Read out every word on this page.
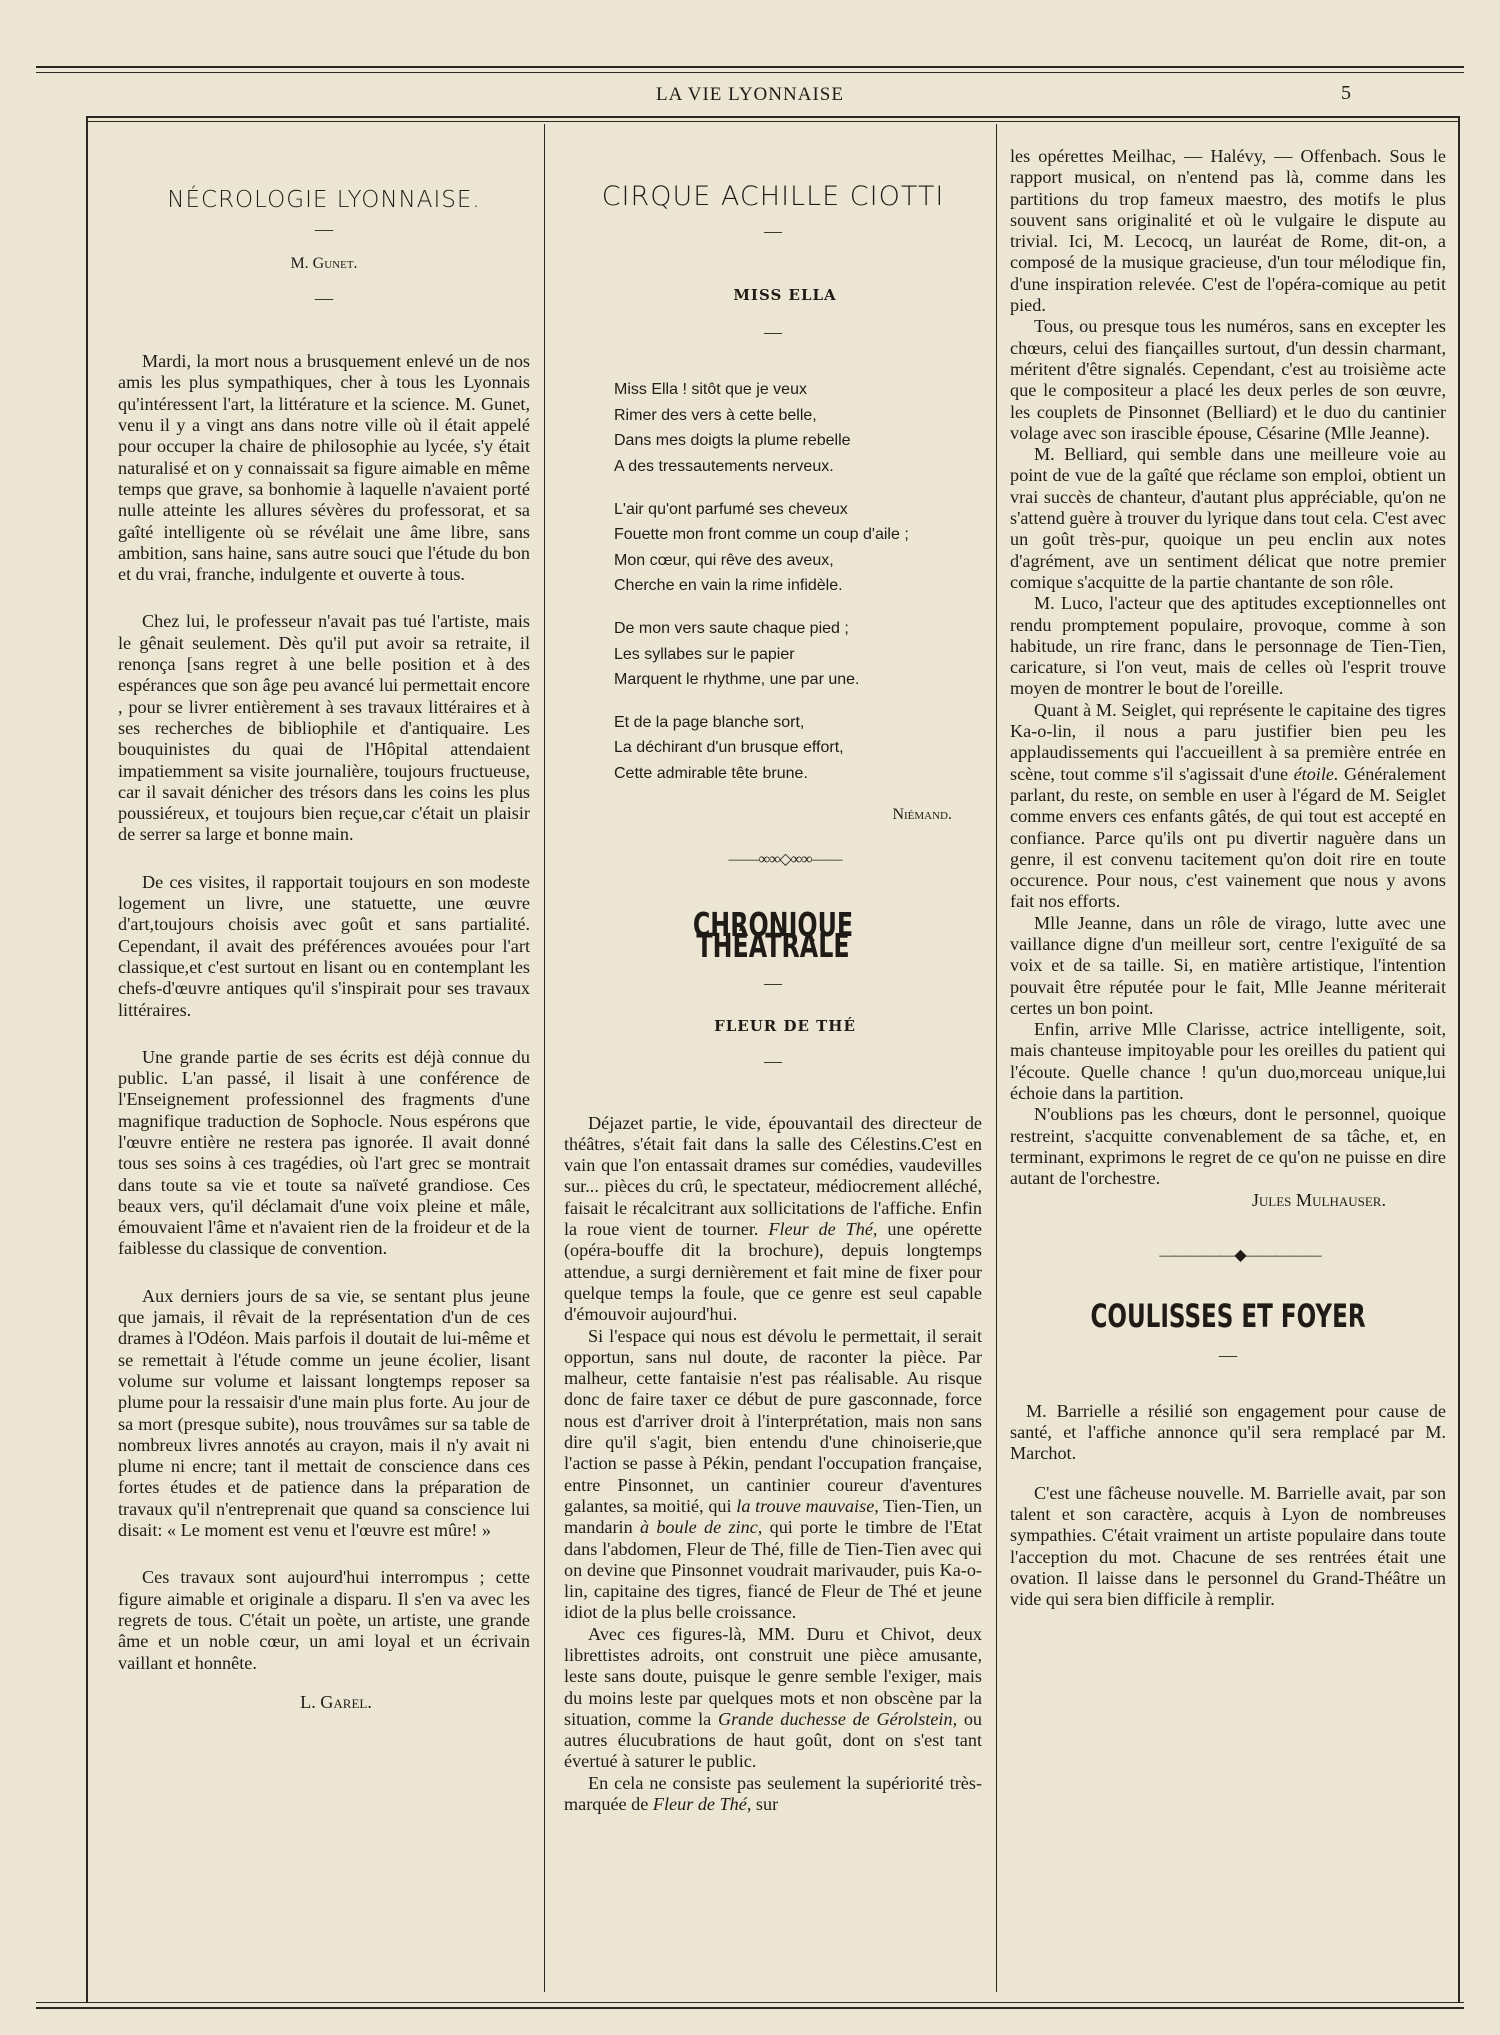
LA VIE LYONNAISE	5
NÉCROLOGIE LYONNAISE.

—

M. Gunet.

—

Mardi, la mort nous a brusquement enlevé un de nos amis les plus sympathiques, cher à tous les Lyonnais qu'intéressent l'art, la littérature et la science. M. Gunet, venu il y a vingt ans dans notre ville où il était appelé pour occuper la chaire de philosophie au lycée, s'y était naturalisé et on y connaissait sa figure aimable en même temps que grave, sa bonhomie à laquelle n'avaient porté nulle atteinte les allures sévères du professorat, et sa gaîté intelligente où se révélait une âme libre, sans ambition, sans haine, sans autre souci que l'étude du bon et du vrai, franche, indulgente et ouverte à tous.

Chez lui, le professeur n'avait pas tué l'artiste, mais le gênait seulement. Dès qu'il put avoir sa retraite, il renonça [sans regret à une belle position et à des espérances que son âge peu avancé lui permettait encore , pour se livrer entièrement à ses travaux littéraires et à ses recherches de bibliophile et d'antiquaire. Les bouquinistes du quai de l'Hôpital attendaient impatiemment sa visite journalière, toujours fructueuse, car il savait dénicher des trésors dans les coins les plus poussiéreux, et toujours bien reçue,car c'était un plaisir de serrer sa large et bonne main.

De ces visites, il rapportait toujours en son modeste logement un livre, une statuette, une œuvre d'art,toujours choisis avec goût et sans partialité. Cependant, il avait des préférences avouées pour l'art classique,et c'est surtout en lisant ou en contemplant les chefs-d'œuvre antiques qu'il s'inspirait pour ses travaux littéraires.

Une grande partie de ses écrits est déjà connue du public. L'an passé, il lisait à une conférence de l'Enseignement professionnel des fragments d'une magnifique traduction de Sophocle. Nous espérons que l'œuvre entière ne restera pas ignorée. Il avait donné tous ses soins à ces tragédies, où l'art grec se montrait dans toute sa vie et toute sa naïveté grandiose. Ces beaux vers, qu'il déclamait d'une voix pleine et mâle, émouvaient l'âme et n'avaient rien de la froideur et de la faiblesse du classique de convention.

Aux derniers jours de sa vie, se sentant plus jeune que jamais, il rêvait de la représentation d'un de ces drames à l'Odéon. Mais parfois il doutait de lui-même et se remettait à l'étude comme un jeune écolier, lisant volume sur volume et laissant longtemps reposer sa plume pour la ressaisir d'une main plus forte. Au jour de sa mort (presque subite), nous trouvâmes sur sa table de nombreux livres annotés au crayon, mais il n'y avait ni plume ni encre; tant il mettait de conscience dans ces fortes études et de patience dans la préparation de travaux qu'il n'entreprenait que quand sa conscience lui disait: « Le moment est venu et l'œuvre est mûre! »

Ces travaux sont aujourd'hui interrompus ; cette figure aimable et originale a disparu. Il s'en va avec les regrets de tous. C'était un poète, un artiste, une grande âme et un noble cœur, un ami loyal et un écrivain vaillant et honnête.

L. Garel.

CIRQUE ACHILLE CIOTTI

—

MISS ELLA

—

Miss Ella ! sitôt que je veux
Rimer des vers à cette belle,
Dans mes doigts la plume rebelle
A des tressautements nerveux.
L'air qu'ont parfumé ses cheveux
Fouette mon front comme un coup d'aile ;
Mon cœur, qui rêve des aveux,
Cherche en vain la rime infidèle.
De mon vers saute chaque pied ;
Les syllabes sur le papier
Marquent le rhythme, une par une.
Et de la page blanche sort,
La déchirant d'un brusque effort,
Cette admirable tête brune.

Niémand.

——∞∞◇∞∞——

CHRONIQUE THÉATRALE

—

FLEUR DE THÉ

—

Déjazet partie, le vide, épouvantail des directeur de théâtres, s'était fait dans la salle des Célestins.C'est en vain que l'on entassait drames sur comédies, vaudevilles sur... pièces du crû, le spectateur, médiocrement alléché, faisait le récalcitrant aux sollicitations de l'affiche. Enfin la roue vient de tourner. Fleur de Thé, une opérette (opéra-bouffe dit la brochure), depuis longtemps attendue, a surgi dernièrement et fait mine de fixer pour quelque temps la foule, que ce genre est seul capable d'émouvoir aujourd'hui.

Si l'espace qui nous est dévolu le permettait, il serait opportun, sans nul doute, de raconter la pièce. Par malheur, cette fantaisie n'est pas réalisable. Au risque donc de faire taxer ce début de pure gasconnade, force nous est d'arriver droit à l'interprétation, mais non sans dire qu'il s'agit, bien entendu d'une chinoiserie,que l'action se passe à Pékin, pendant l'occupation française, entre Pinsonnet, un cantinier coureur d'aventures galantes, sa moitié, qui la trouve mauvaise, Tien-Tien, un mandarin à boule de zinc, qui porte le timbre de l'Etat dans l'abdomen, Fleur de Thé, fille de Tien-Tien avec qui on devine que Pinsonnet voudrait marivauder, puis Ka-o-lin, capitaine des tigres, fiancé de Fleur de Thé et jeune idiot de la plus belle croissance.

Avec ces figures-là, MM. Duru et Chivot, deux librettistes adroits, ont construit une pièce amusante, leste sans doute, puisque le genre semble l'exiger, mais du moins leste par quelques mots et non obscène par la situation, comme la Grande duchesse de Gérolstein, ou autres élucubrations de haut goût, dont on s'est tant évertué à saturer le public.

En cela ne consiste pas seulement la supériorité très-marquée de Fleur de Thé, sur

les opérettes Meilhac, — Halévy, — Offenbach. Sous le rapport musical, on n'entend pas là, comme dans les partitions du trop fameux maestro, des motifs le plus souvent sans originalité et où le vulgaire le dispute au trivial. Ici, M. Lecocq, un lauréat de Rome, dit-on, a composé de la musique gracieuse, d'un tour mélodique fin, d'une inspiration relevée. C'est de l'opéra-comique au petit pied.

Tous, ou presque tous les numéros, sans en excepter les chœurs, celui des fiançailles surtout, d'un dessin charmant, méritent d'être signalés. Cependant, c'est au troisième acte que le compositeur a placé les deux perles de son œuvre, les couplets de Pinsonnet (Belliard) et le duo du cantinier volage avec son irascible épouse, Césarine (Mlle Jeanne).

M. Belliard, qui semble dans une meilleure voie au point de vue de la gaîté que réclame son emploi, obtient un vrai succès de chanteur, d'autant plus appréciable, qu'on ne s'attend guère à trouver du lyrique dans tout cela. C'est avec un goût très-pur, quoique un peu enclin aux notes d'agrément, ave un sentiment délicat que notre premier comique s'acquitte de la partie chantante de son rôle.

M. Luco, l'acteur que des aptitudes exceptionnelles ont rendu promptement populaire, provoque, comme à son habitude, un rire franc, dans le personnage de Tien-Tien, caricature, si l'on veut, mais de celles où l'esprit trouve moyen de montrer le bout de l'oreille.

Quant à M. Seiglet, qui représente le capitaine des tigres Ka-o-lin, il nous a paru justifier bien peu les applaudissements qui l'accueillent à sa première entrée en scène, tout comme s'il s'agissait d'une étoile. Généralement parlant, du reste, on semble en user à l'égard de M. Seiglet comme envers ces enfants gâtés, de qui tout est accepté en confiance. Parce qu'ils ont pu divertir naguère dans un genre, il est convenu tacitement qu'on doit rire en toute occurence. Pour nous, c'est vainement que nous y avons fait nos efforts.

Mlle Jeanne, dans un rôle de virago, lutte avec une vaillance digne d'un meilleur sort, centre l'exiguïté de sa voix et de sa taille. Si, en matière artistique, l'intention pouvait être réputée pour le fait, Mlle Jeanne mériterait certes un bon point.

Enfin, arrive Mlle Clarisse, actrice intelligente, soit, mais chanteuse impitoyable pour les oreilles du patient qui l'écoute. Quelle chance ! qu'un duo,morceau unique,lui échoie dans la partition.

N'oublions pas les chœurs, dont le personnel, quoique restreint, s'acquitte convenablement de sa tâche, et, en terminant, exprimons le regret de ce qu'on ne puisse en dire autant de l'orchestre.

Jules Mulhauser.

—————◆—————

COULISSES ET FOYER

—

M. Barrielle a résilié son engagement pour cause de santé, et l'affiche annonce qu'il sera remplacé par M. Marchot.

C'est une fâcheuse nouvelle. M. Barrielle avait, par son talent et son caractère, acquis à Lyon de nombreuses sympathies. C'était vraiment un artiste populaire dans toute l'acception du mot. Chacune de ses rentrées était une ovation. Il laisse dans le personnel du Grand-Théâtre un vide qui sera bien difficile à remplir.
